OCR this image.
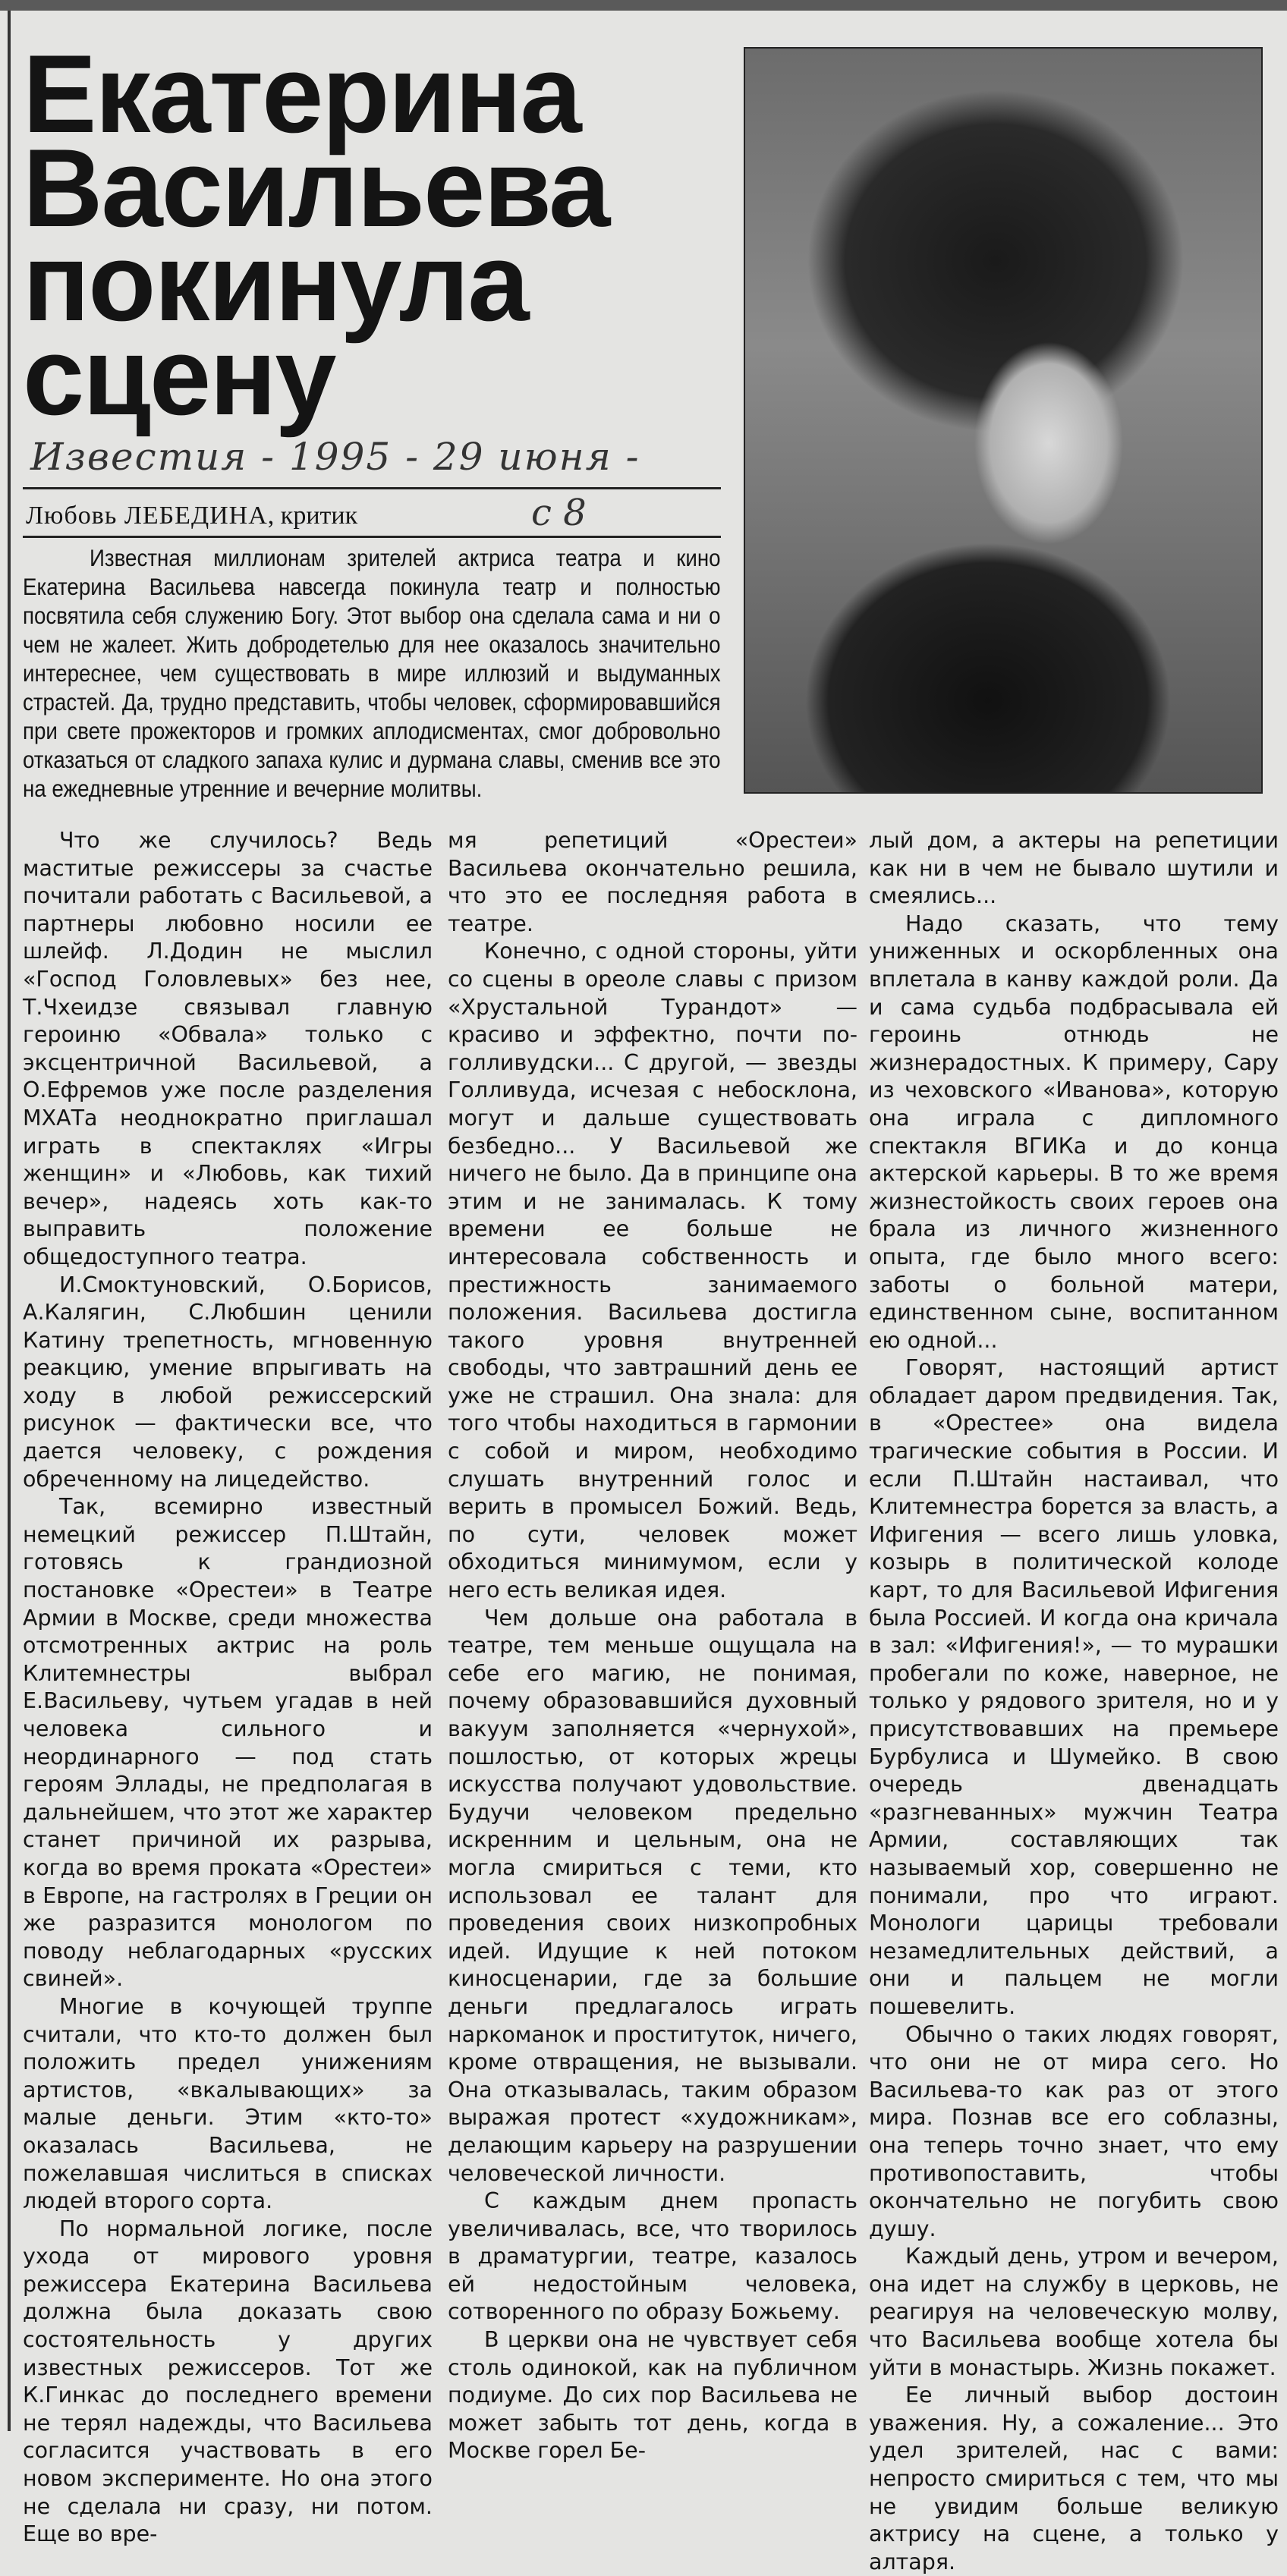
Екатерина Васильева покинула сцену
Известия - 1995 - 29 июня -
Любовь ЛЕБЕДИНА, критик	с 8

Известная миллионам зрителей актриса театра и кино Екатерина Васильева навсегда покинула театр и полностью посвятила себя служению Богу. Этот выбор она сделала сама и ни о чем не жалеет. Жить добродетелью для нее оказалось значительно интереснее, чем существовать в мире иллюзий и выдуманных страстей. Да, трудно представить, чтобы человек, сформировавшийся при свете прожекторов и громких аплодисментах, смог добровольно отказаться от сладкого запаха кулис и дурмана славы, сменив все это на ежедневные утренние и вечерние молитвы.

Что же случилось? Ведь маститые режиссеры за счастье почитали работать с Васильевой, а партнеры любовно носили ее шлейф. Л.Додин не мыслил «Господ Головлевых» без нее, Т.Чхеидзе связывал главную героиню «Обвала» только с эксцентричной Васильевой, а О.Ефремов уже после разделения МХАТа неоднократно приглашал играть в спектаклях «Игры женщин» и «Любовь, как тихий вечер», надеясь хоть как-то выправить положение общедоступного театра.

И.Смоктуновский, О.Борисов, А.Калягин, С.Любшин ценили Катину трепетность, мгновенную реакцию, умение впрыгивать на ходу в любой режиссерский рисунок — фактически все, что дается человеку, с рождения обреченному на лицедейство.

Так, всемирно известный немецкий режиссер П.Штайн, готовясь к грандиозной постановке «Орестеи» в Театре Армии в Москве, среди множества отсмотренных актрис на роль Клитемнестры выбрал Е.Васильеву, чутьем угадав в ней человека сильного и неординарного — под стать героям Эллады, не предполагая в дальнейшем, что этот же характер станет причиной их разрыва, когда во время проката «Орестеи» в Европе, на гастролях в Греции он же разразится монологом по поводу неблагодарных «русских свиней».

Многие в кочующей труппе считали, что кто-то должен был положить предел унижениям артистов, «вкалывающих» за малые деньги. Этим «кто-то» оказалась Васильева, не пожелавшая числиться в списках людей второго сорта.

По нормальной логике, после ухода от мирового уровня режиссера Екатерина Васильева должна была доказать свою состоятельность у других известных режиссеров. Тот же К.Гинкас до последнего времени не терял надежды, что Васильева согласится участвовать в его новом эксперименте. Но она этого не сделала ни сразу, ни потом. Еще во вре-

мя репетиций «Орестеи» Васильева окончательно решила, что это ее последняя работа в театре.

Конечно, с одной стороны, уйти со сцены в ореоле славы с призом «Хрустальной Турандот» — красиво и эффектно, почти по-голливудски... С другой, — звезды Голливуда, исчезая с небосклона, могут и дальше существовать безбедно... У Васильевой же ничего не было. Да в принципе она этим и не занималась. К тому времени ее больше не интересовала собственность и престижность занимаемого положения. Васильева достигла такого уровня внутренней свободы, что завтрашний день ее уже не страшил. Она знала: для того чтобы находиться в гармонии с собой и миром, необходимо слушать внутренний голос и верить в промысел Божий. Ведь, по сути, человек может обходиться минимумом, если у него есть великая идея.

Чем дольше она работала в театре, тем меньше ощущала на себе его магию, не понимая, почему образовавшийся духовный вакуум заполняется «чернухой», пошлостью, от которых жрецы искусства получают удовольствие. Будучи человеком предельно искренним и цельным, она не могла смириться с теми, кто использовал ее талант для проведения своих низкопробных идей. Идущие к ней потоком киносценарии, где за большие деньги предлагалось играть наркоманок и проституток, ничего, кроме отвращения, не вызывали. Она отказывалась, таким образом выражая протест «художникам», делающим карьеру на разрушении человеческой личности.

С каждым днем пропасть увеличивалась, все, что творилось в драматургии, театре, казалось ей недостойным человека, сотворенного по образу Божьему.

В церкви она не чувствует себя столь одинокой, как на публичном подиуме. До сих пор Васильева не может забыть тот день, когда в Москве горел Бе-

лый дом, а актеры на репетиции как ни в чем не бывало шутили и смеялись...

Надо сказать, что тему униженных и оскорбленных она вплетала в канву каждой роли. Да и сама судьба подбрасывала ей героинь отнюдь не жизнерадостных. К примеру, Сару из чеховского «Иванова», которую она играла с дипломного спектакля ВГИКа и до конца актерской карьеры. В то же время жизнестойкость своих героев она брала из личного жизненного опыта, где было много всего: заботы о больной матери, единственном сыне, воспитанном ею одной...

Говорят, настоящий артист обладает даром предвидения. Так, в «Орестее» она видела трагические события в России. И если П.Штайн настаивал, что Клитемнестра борется за власть, а Ифигения — всего лишь уловка, козырь в политической колоде карт, то для Васильевой Ифигения была Россией. И когда она кричала в зал: «Ифигения!», — то мурашки пробегали по коже, наверное, не только у рядового зрителя, но и у присутствовавших на премьере Бурбулиса и Шумейко. В свою очередь двенадцать «разгневанных» мужчин Театра Армии, составляющих так называемый хор, совершенно не понимали, про что играют. Монологи царицы требовали незамедлительных действий, а они и пальцем не могли пошевелить.

Обычно о таких людях говорят, что они не от мира сего. Но Васильева-то как раз от этого мира. Познав все его соблазны, она теперь точно знает, что ему противопоставить, чтобы окончательно не погубить свою душу.

Каждый день, утром и вечером, она идет на службу в церковь, не реагируя на человеческую молву, что Васильева вообще хотела бы уйти в монастырь. Жизнь покажет.

Ее личный выбор достоин уважения. Ну, а сожаление... Это удел зрителей, нас с вами: непросто смириться с тем, что мы не увидим больше великую актрису на сцене, а только у алтаря.
